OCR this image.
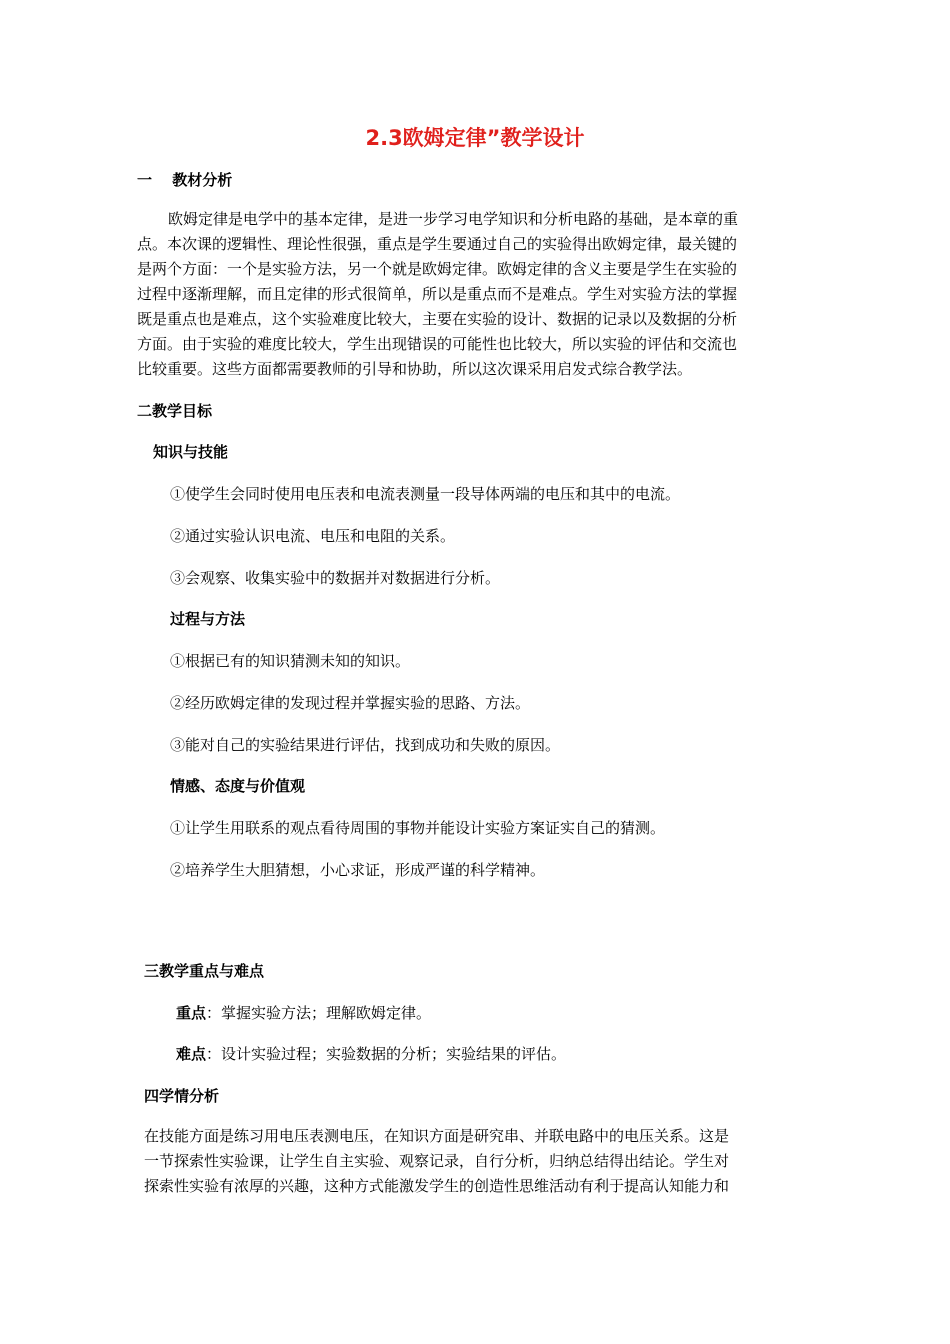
2.3欧姆定律”教学设计
一　 教材分析
欧姆定律是电学中的基本定律，是进一步学习电学知识和分析电路的基础，是本章的重
点。本次课的逻辑性、理论性很强，重点是学生要通过自己的实验得出欧姆定律，最关键的
是两个方面：一个是实验方法，另一个就是欧姆定律。欧姆定律的含义主要是学生在实验的
过程中逐渐理解，而且定律的形式很简单，所以是重点而不是难点。学生对实验方法的掌握
既是重点也是难点，这个实验难度比较大，主要在实验的设计、数据的记录以及数据的分析
方面。由于实验的难度比较大，学生出现错误的可能性也比较大，所以实验的评估和交流也
比较重要。这些方面都需要教师的引导和协助，所以这次课采用启发式综合教学法。
二教学目标
知识与技能
①使学生会同时使用电压表和电流表测量一段导体两端的电压和其中的电流。
②通过实验认识电流、电压和电阻的关系。
③会观察、收集实验中的数据并对数据进行分析。
过程与方法
①根据已有的知识猜测未知的知识。
②经历欧姆定律的发现过程并掌握实验的思路、方法。
③能对自己的实验结果进行评估，找到成功和失败的原因。
情感、态度与价值观
①让学生用联系的观点看待周围的事物并能设计实验方案证实自己的猜测。
②培养学生大胆猜想，小心求证，形成严谨的科学精神。
三教学重点与难点
重点：掌握实验方法；理解欧姆定律。
难点：设计实验过程；实验数据的分析；实验结果的评估。
四学情分析
在技能方面是练习用电压表测电压，在知识方面是研究串、并联电路中的电压关系。这是
一节探索性实验课，让学生自主实验、观察记录，自行分析，归纳总结得出结论。学生对
探索性实验有浓厚的兴趣，这种方式能激发学生的创造性思维活动有利于提高认知能力和
